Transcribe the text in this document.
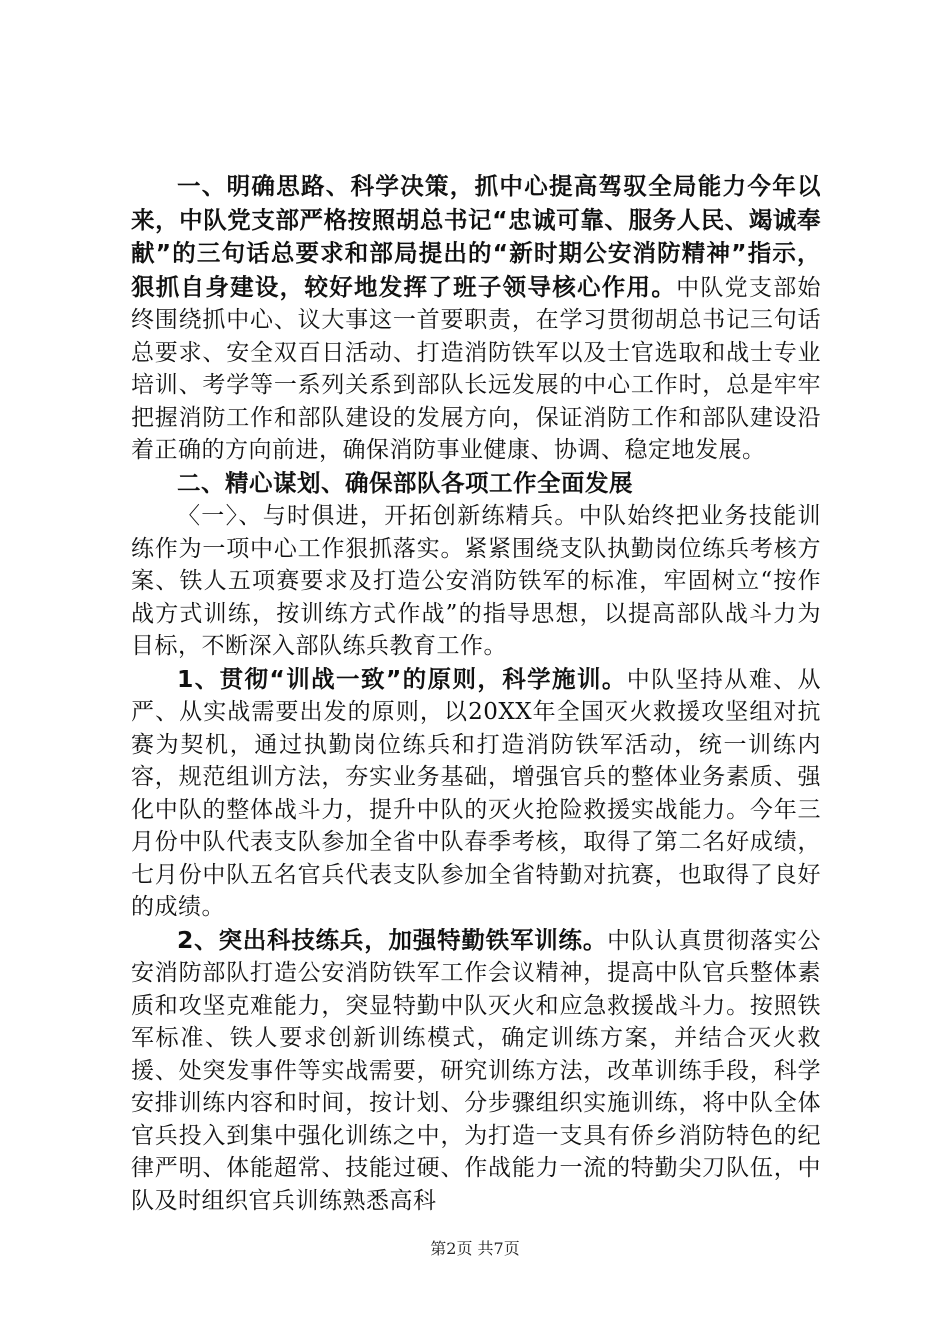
一、明确思路、科学决策，抓中心提高驾驭全局能力今年以来，中队党支部严格按照胡总书记“忠诚可靠、服务人民、竭诚奉献”的三句话总要求和部局提出的“新时期公安消防精神”指示，狠抓自身建设，较好地发挥了班子领导核心作用。中队党支部始终围绕抓中心、议大事这一首要职责，在学习贯彻胡总书记三句话总要求、安全双百日活动、打造消防铁军以及士官选取和战士专业培训、考学等一系列关系到部队长远发展的中心工作时，总是牢牢把握消防工作和部队建设的发展方向，保证消防工作和部队建设沿着正确的方向前进，确保消防事业健康、协调、稳定地发展。

二、精心谋划、确保部队各项工作全面发展

〈一〉、与时俱进，开拓创新练精兵。中队始终把业务技能训练作为一项中心工作狠抓落实。紧紧围绕支队执勤岗位练兵考核方案、铁人五项赛要求及打造公安消防铁军的标准，牢固树立“按作战方式训练，按训练方式作战”的指导思想，以提高部队战斗力为目标，不断深入部队练兵教育工作。

1、贯彻“训战一致”的原则，科学施训。中队坚持从难、从严、从实战需要出发的原则，以20XX年全国灭火救援攻坚组对抗赛为契机，通过执勤岗位练兵和打造消防铁军活动，统一训练内容，规范组训方法，夯实业务基础，增强官兵的整体业务素质、强化中队的整体战斗力，提升中队的灭火抢险救援实战能力。今年三月份中队代表支队参加全省中队春季考核，取得了第二名好成绩，七月份中队五名官兵代表支队参加全省特勤对抗赛，也取得了良好的成绩。

2、突出科技练兵，加强特勤铁军训练。中队认真贯彻落实公安消防部队打造公安消防铁军工作会议精神，提高中队官兵整体素质和攻坚克难能力，突显特勤中队灭火和应急救援战斗力。按照铁军标准、铁人要求创新训练模式，确定训练方案，并结合灭火救援、处突发事件等实战需要，研究训练方法，改革训练手段，科学安排训练内容和时间，按计划、分步骤组织实施训练，将中队全体官兵投入到集中强化训练之中，为打造一支具有侨乡消防特色的纪律严明、体能超常、技能过硬、作战能力一流的特勤尖刀队伍，中队及时组织官兵训练熟悉高科

第2页 共7页
